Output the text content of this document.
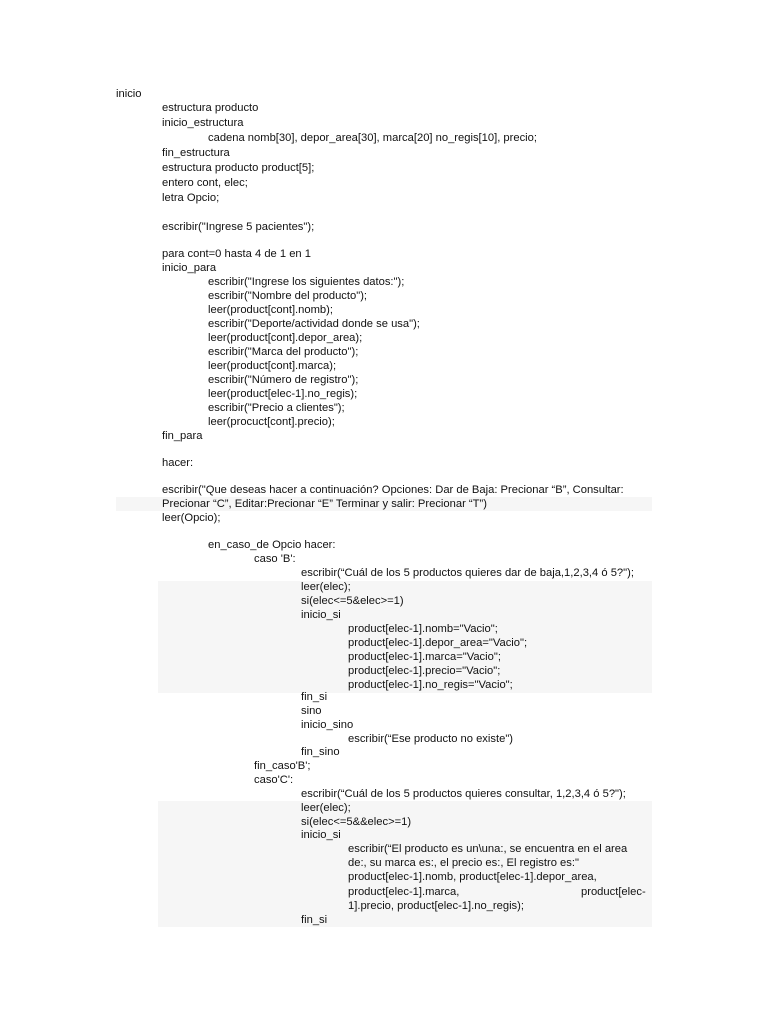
inicio
estructura producto
inicio_estructura
cadena nomb[30], depor_area[30], marca[20] no_regis[10], precio;
fin_estructura
estructura producto product[5];
entero cont, elec;
letra Opcio;
escribir("Ingrese 5 pacientes");
para cont=0 hasta 4 de 1 en 1
inicio_para
escribir("Ingrese los siguientes datos:");
escribir("Nombre del producto");
leer(product[cont].nomb);
escribir("Deporte/actividad donde se usa");
leer(product[cont].depor_area);
escribir("Marca del producto");
leer(product[cont].marca);
escribir("Número de registro");
leer(product[elec-1].no_regis);
escribir("Precio a clientes");
leer(procuct[cont].precio);
fin_para
hacer:
escribir("Que deseas hacer a continuación? Opciones: Dar de Baja: Precionar “B”, Consultar:
Precionar “C”, Editar:Precionar “E” Terminar y salir: Precionar “T”)
leer(Opcio);
en_caso_de Opcio hacer:
caso 'B':
escribir(“Cuál de los 5 productos quieres dar de baja,1,2,3,4 ó 5?");
leer(elec);
si(elec<=5&elec>=1)
inicio_si
product[elec-1].nomb="Vacio";
product[elec-1].depor_area="Vacio";
product[elec-1].marca="Vacio";
product[elec-1].precio="Vacio";
product[elec-1].no_regis="Vacio";
fin_si
sino
inicio_sino
escribir(“Ese producto no existe")
fin_sino
fin_caso'B';
caso'C':
escribir(“Cuál de los 5 productos quieres consultar, 1,2,3,4 ó 5?");
leer(elec);
si(elec<=5&&elec>=1)
inicio_si
escribir(“El producto es un\una:, se encuentra en el area
de:, su marca es:, el precio es:, El registro es:"
product[elec-1].nomb, product[elec-1].depor_area,
product[elec-1].marca,	product[elec-
1].precio, product[elec-1].no_regis);
fin_si
